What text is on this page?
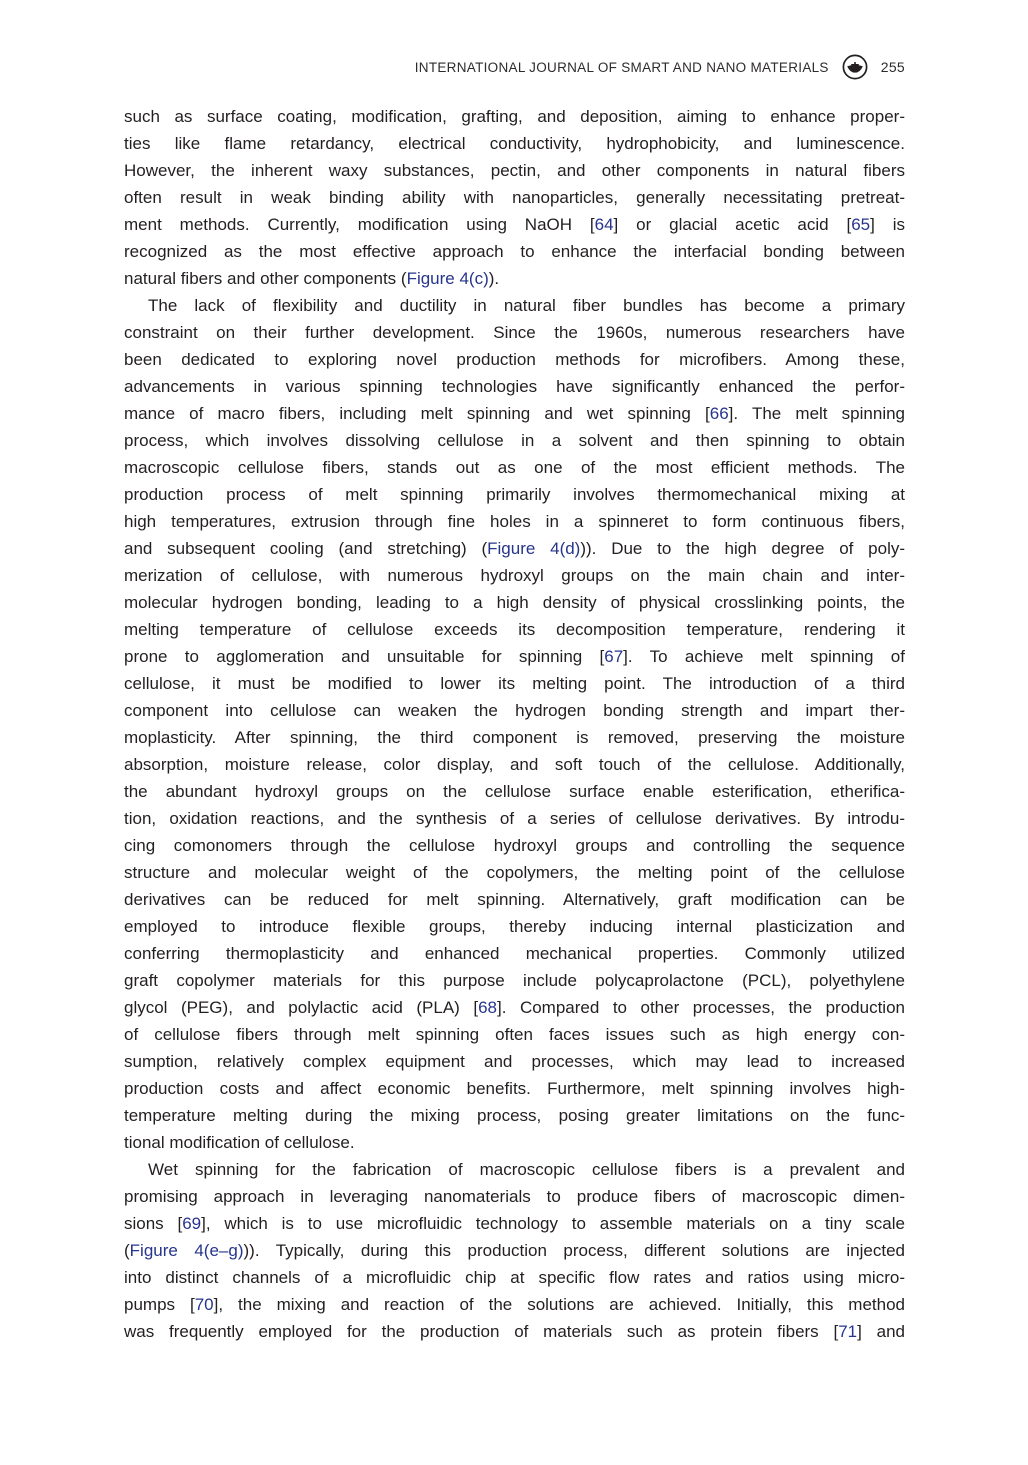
INTERNATIONAL JOURNAL OF SMART AND NANO MATERIALS	255
such as surface coating, modification, grafting, and deposition, aiming to enhance proper-
ties like flame retardancy, electrical conductivity, hydrophobicity, and luminescence.
However, the inherent waxy substances, pectin, and other components in natural fibers
often result in weak binding ability with nanoparticles, generally necessitating pretreat-
ment methods. Currently, modification using NaOH [64] or glacial acetic acid [65] is
recognized as the most effective approach to enhance the interfacial bonding between
natural fibers and other components (Figure 4(c)).
The lack of flexibility and ductility in natural fiber bundles has become a primary
constraint on their further development. Since the 1960s, numerous researchers have
been dedicated to exploring novel production methods for microfibers. Among these,
advancements in various spinning technologies have significantly enhanced the perfor-
mance of macro fibers, including melt spinning and wet spinning [66]. The melt spinning
process, which involves dissolving cellulose in a solvent and then spinning to obtain
macroscopic cellulose fibers, stands out as one of the most efficient methods. The
production process of melt spinning primarily involves thermomechanical mixing at
high temperatures, extrusion through fine holes in a spinneret to form continuous fibers,
and subsequent cooling (and stretching) (Figure 4(d))). Due to the high degree of poly-
merization of cellulose, with numerous hydroxyl groups on the main chain and inter-
molecular hydrogen bonding, leading to a high density of physical crosslinking points, the
melting temperature of cellulose exceeds its decomposition temperature, rendering it
prone to agglomeration and unsuitable for spinning [67]. To achieve melt spinning of
cellulose, it must be modified to lower its melting point. The introduction of a third
component into cellulose can weaken the hydrogen bonding strength and impart ther-
moplasticity. After spinning, the third component is removed, preserving the moisture
absorption, moisture release, color display, and soft touch of the cellulose. Additionally,
the abundant hydroxyl groups on the cellulose surface enable esterification, etherifica-
tion, oxidation reactions, and the synthesis of a series of cellulose derivatives. By introdu-
cing comonomers through the cellulose hydroxyl groups and controlling the sequence
structure and molecular weight of the copolymers, the melting point of the cellulose
derivatives can be reduced for melt spinning. Alternatively, graft modification can be
employed to introduce flexible groups, thereby inducing internal plasticization and
conferring thermoplasticity and enhanced mechanical properties. Commonly utilized
graft copolymer materials for this purpose include polycaprolactone (PCL), polyethylene
glycol (PEG), and polylactic acid (PLA) [68]. Compared to other processes, the production
of cellulose fibers through melt spinning often faces issues such as high energy con-
sumption, relatively complex equipment and processes, which may lead to increased
production costs and affect economic benefits. Furthermore, melt spinning involves high-
temperature melting during the mixing process, posing greater limitations on the func-
tional modification of cellulose.
Wet spinning for the fabrication of macroscopic cellulose fibers is a prevalent and
promising approach in leveraging nanomaterials to produce fibers of macroscopic dimen-
sions [69], which is to use microfluidic technology to assemble materials on a tiny scale
(Figure 4(e–g))). Typically, during this production process, different solutions are injected
into distinct channels of a microfluidic chip at specific flow rates and ratios using micro-
pumps [70], the mixing and reaction of the solutions are achieved. Initially, this method
was frequently employed for the production of materials such as protein fibers [71] and
